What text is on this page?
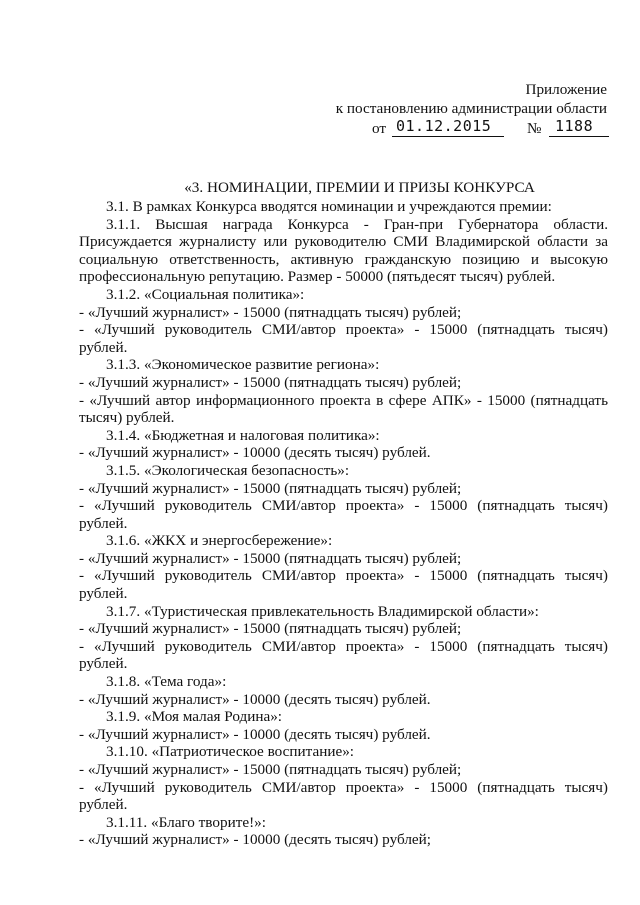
Приложение
к постановлению администрации области
от 01.12.2015 № 1188
«3. НОМИНАЦИИ, ПРЕМИИ И ПРИЗЫ КОНКУРСА

3.1. В рамках Конкурса вводятся номинации и учреждаются премии:

3.1.1. Высшая награда Конкурса - Гран-при Губернатора области. Присуждается журналисту или руководителю СМИ Владимирской области за социальную ответственность, активную гражданскую позицию и высокую профессиональную репутацию. Размер - 50000 (пятьдесят тысяч) рублей.

3.1.2. «Социальная политика»:

- «Лучший журналист» - 15000 (пятнадцать тысяч) рублей;

- «Лучший руководитель СМИ/автор проекта» - 15000 (пятнадцать тысяч) рублей.

3.1.3. «Экономическое развитие региона»:

- «Лучший журналист» - 15000 (пятнадцать тысяч) рублей;

- «Лучший автор информационного проекта в сфере АПК» - 15000 (пятнадцать тысяч) рублей.

3.1.4. «Бюджетная и налоговая политика»:

- «Лучший журналист» - 10000 (десять тысяч) рублей.

3.1.5. «Экологическая безопасность»:

- «Лучший журналист» - 15000 (пятнадцать тысяч) рублей;

- «Лучший руководитель СМИ/автор проекта» - 15000 (пятнадцать тысяч) рублей.

3.1.6. «ЖКХ и энергосбережение»:

- «Лучший журналист» - 15000 (пятнадцать тысяч) рублей;

- «Лучший руководитель СМИ/автор проекта» - 15000 (пятнадцать тысяч) рублей.

3.1.7. «Туристическая привлекательность Владимирской области»:

- «Лучший журналист» - 15000 (пятнадцать тысяч) рублей;

- «Лучший руководитель СМИ/автор проекта» - 15000 (пятнадцать тысяч) рублей.

3.1.8. «Тема года»:

- «Лучший журналист» - 10000 (десять тысяч) рублей.

3.1.9. «Моя малая Родина»:

- «Лучший журналист» - 10000 (десять тысяч) рублей.

3.1.10. «Патриотическое воспитание»:

- «Лучший журналист» - 15000 (пятнадцать тысяч) рублей;

- «Лучший руководитель СМИ/автор проекта» - 15000 (пятнадцать тысяч) рублей.

3.1.11. «Благо творите!»:

- «Лучший журналист» - 10000 (десять тысяч) рублей;
